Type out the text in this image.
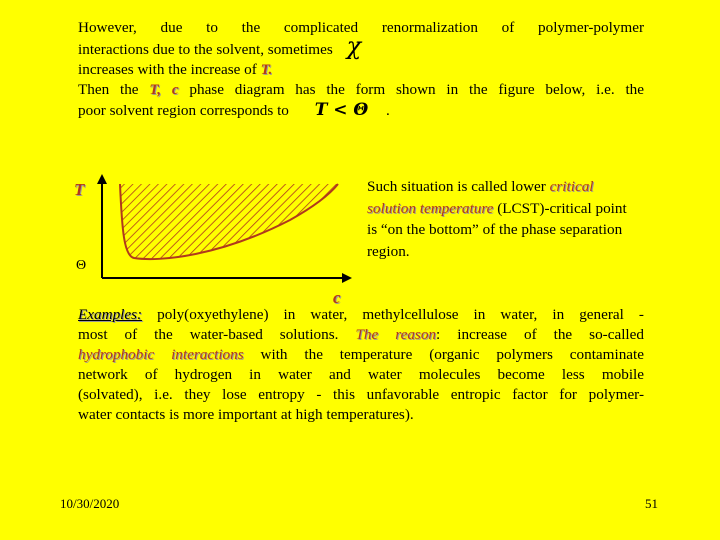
However, due to the complicated renormalization of polymer-polymer
interactions due to the solvent, sometimes χ
increases with the increase of T.
Then the T, c phase diagram has the form shown in the figure below, i.e. the
poor solvent region corresponds to T < Θ .
T
Θ
c
Such situation is called lower critical solution temperature (LCST)-critical point is “on the bottom” of the phase separation region.
Examples: poly(oxyethylene) in water, methylcellulose in water, in general -
most of the water-based solutions. The reason: increase of the so-called
hydrophobic interactions with the temperature (organic polymers contaminate
network of hydrogen in water and water molecules become less mobile
(solvated), i.e. they lose entropy - this unfavorable entropic factor for polymer-
water contacts is more important at high temperatures).
10/30/2020	51
